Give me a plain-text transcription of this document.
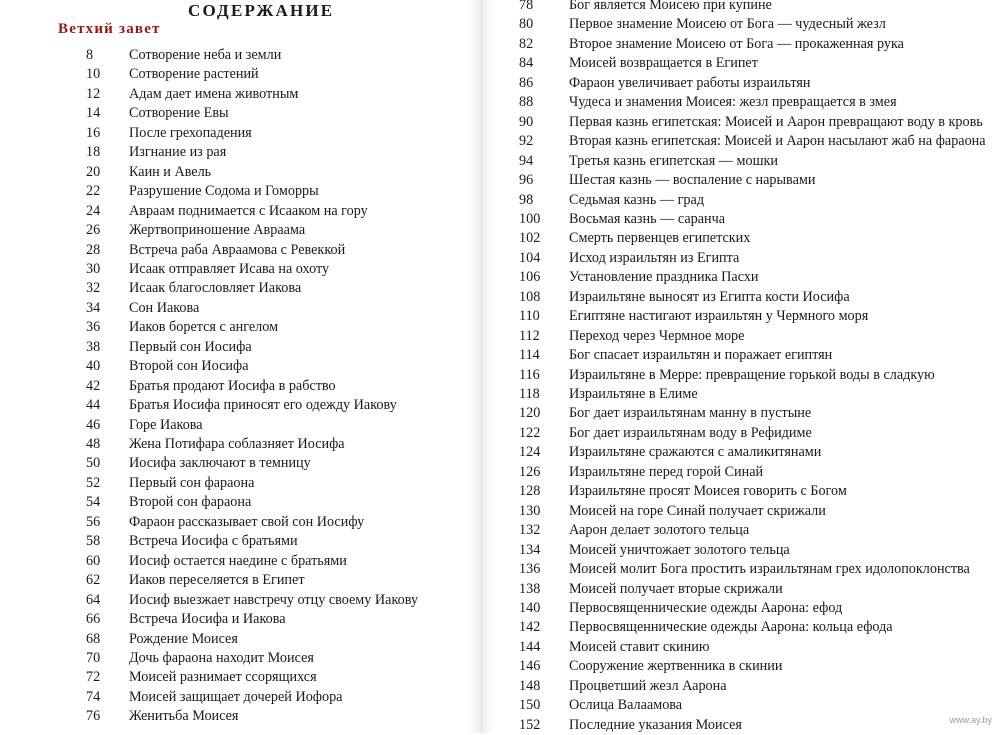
СОДЕРЖАНИЕ
Ветхий завет
8	Сотворение неба и земли
10 Сотворение растений
12 Адам дает имена животным
14 Сотворение Евы
16 После грехопадения
18 Изгнание из рая
20 Каин и Авель
22 Разрушение Содома и Гоморры
24 Авраам поднимается с Исааком на гору
26 Жертвоприношение Авраама
28 Встреча раба Авраамова с Ревеккой
30 Исаак отправляет Исава на охоту
32 Исаак благословляет Иакова
34 Сон Иакова
36 Иаков борется с ангелом
38 Первый сон Иосифа
40 Второй сон Иосифа
42 Братья продают Иосифа в рабство
44 Братья Иосифа приносят его одежду Иакову
46 Горе Иакова
48 Жена Потифара соблазняет Иосифа
50 Иосифа заключают в темницу
52 Первый сон фараона
54 Второй сон фараона
56 Фараон рассказывает свой сон Иосифу
58 Встреча Иосифа с братьями
60 Иосиф остается наедине с братьями
62 Иаков переселяется в Египет
64 Иосиф выезжает навстречу отцу своему Иакову
66 Встреча Иосифа и Иакова
68 Рождение Моисея
70 Дочь фараона находит Моисея
72 Моисей разнимает ссорящихся
74 Моисей защищает дочерей Иофора
76 Женитьба Моисея
78	Бог является Моисею при купине
80	Первое знамение Моисею от Бога — чудесный жезл
82	Второе знамение Моисею от Бога — прокаженная рука
84	Моисей возвращается в Египет
86	Фараон увеличивает работы израильтян
88	Чудеса и знамения Моисея: жезл превращается в змея
90	Первая казнь египетская: Моисей и Аарон превращают воду в кровь
92	Вторая казнь египетская: Моисей и Аарон насылают жаб на фараона
94	Третья казнь египетская — мошки
96	Шестая казнь — воспаление с нарывами
98	Седьмая казнь — град
100 Восьмая казнь — саранча
102 Смерть первенцев египетских
104 Исход израильтян из Египта
106 Установление праздника Пасхи
108 Израильтяне выносят из Египта кости Иосифа
110 Египтяне настигают израильтян у Чермного моря
112 Переход через Чермное море
114 Бог спасает израильтян и поражает египтян
116 Израильтяне в Мерре: превращение горькой воды в сладкую
118 Израильтяне в Елиме
120 Бог дает израильтянам манну в пустыне
122 Бог дает израильтянам воду в Рефидиме
124 Израильтяне сражаются с амаликитянами
126 Израильтяне перед горой Синай
128 Израильтяне просят Моисея говорить с Богом
130 Моисей на горе Синай получает скрижали
132 Аарон делает золотого тельца
134 Моисей уничтожает золотого тельца
136 Моисей молит Бога простить израильтянам грех идолопоклонства
138 Моисей получает вторые скрижали
140 Первосвященнические одежды Аарона: ефод
142 Первосвященнические одежды Аарона: кольца ефода
144 Моисей ставит скинию
146 Сооружение жертвенника в скинии
148 Процветший жезл Аарона
150 Ослица Валаамова
152 Последние указания Моисея	www.ay.by
